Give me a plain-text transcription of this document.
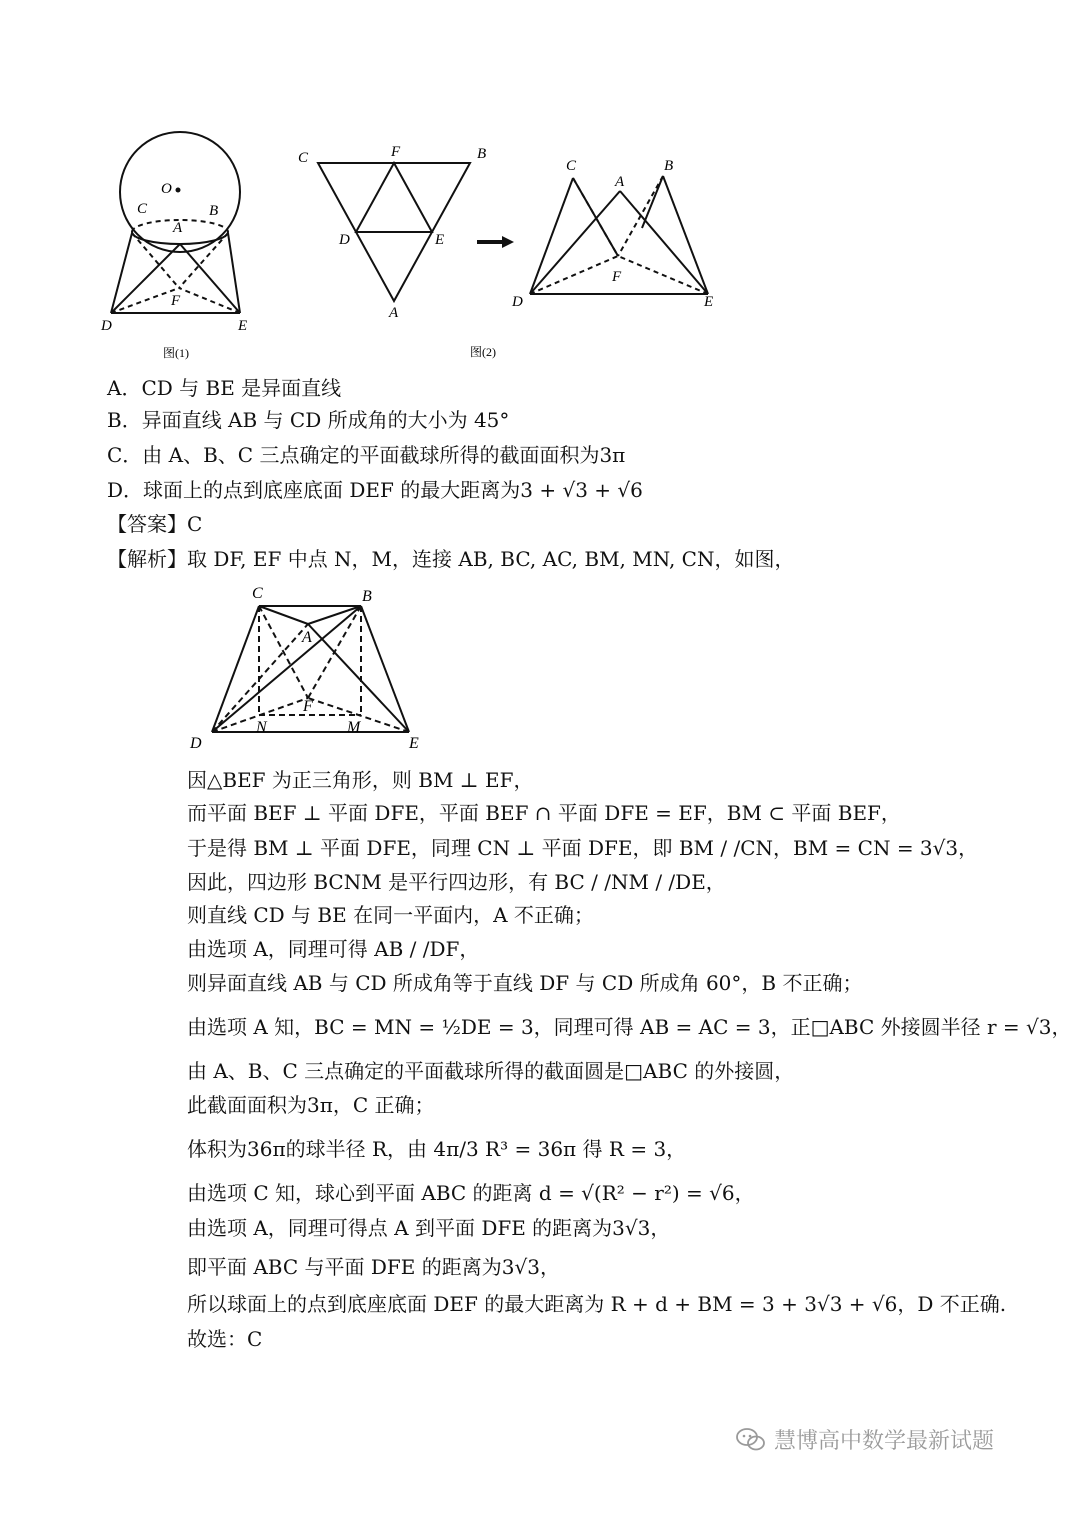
O
C	B
A
F
D	E
图(1)
C	F	B
D	E
A
C
A
B
F
D	E
图(2)
A．CD 与 BE 是异面直线
B．异面直线 AB 与 CD 所成角的大小为 45°
C．由 A、B、C 三点确定的平面截球所得的截面面积为3π
D．球面上的点到底座底面 DEF 的最大距离为3 + √3 + √6
【答案】C
【解析】取 DF, EF 中点 N，M，连接 AB, BC, AC, BM, MN, CN，如图，
C	B
A
F
N	M
D	E
因△BEF 为正三角形，则 BM ⊥ EF，
而平面 BEF ⊥ 平面 DFE，平面 BEF ∩ 平面 DFE = EF，BM ⊂ 平面 BEF，
于是得 BM ⊥ 平面 DFE，同理 CN ⊥ 平面 DFE，即 BM / /CN，BM = CN = 3√3，
因此，四边形 BCNM 是平行四边形，有 BC / /NM / /DE，
则直线 CD 与 BE 在同一平面内，A 不正确；
由选项 A，同理可得 AB / /DF，
则异面直线 AB 与 CD 所成角等于直线 DF 与 CD 所成角 60°，B 不正确；
由选项 A 知，BC = MN = ½DE = 3，同理可得 AB = AC = 3，正□ABC 外接圆半径 r = √3，
由 A、B、C 三点确定的平面截球所得的截面圆是□ABC 的外接圆，
此截面面积为3π，C 正确；
体积为36π的球半径 R，由 4π/3 R³ = 36π 得 R = 3，
由选项 C 知，球心到平面 ABC 的距离 d = √(R² − r²) = √6，
由选项 A，同理可得点 A 到平面 DFE 的距离为3√3，
即平面 ABC 与平面 DFE 的距离为3√3，
所以球面上的点到底座底面 DEF 的最大距离为 R + d + BM = 3 + 3√3 + √6，D 不正确.
故选：C
慧博高中数学最新试题
